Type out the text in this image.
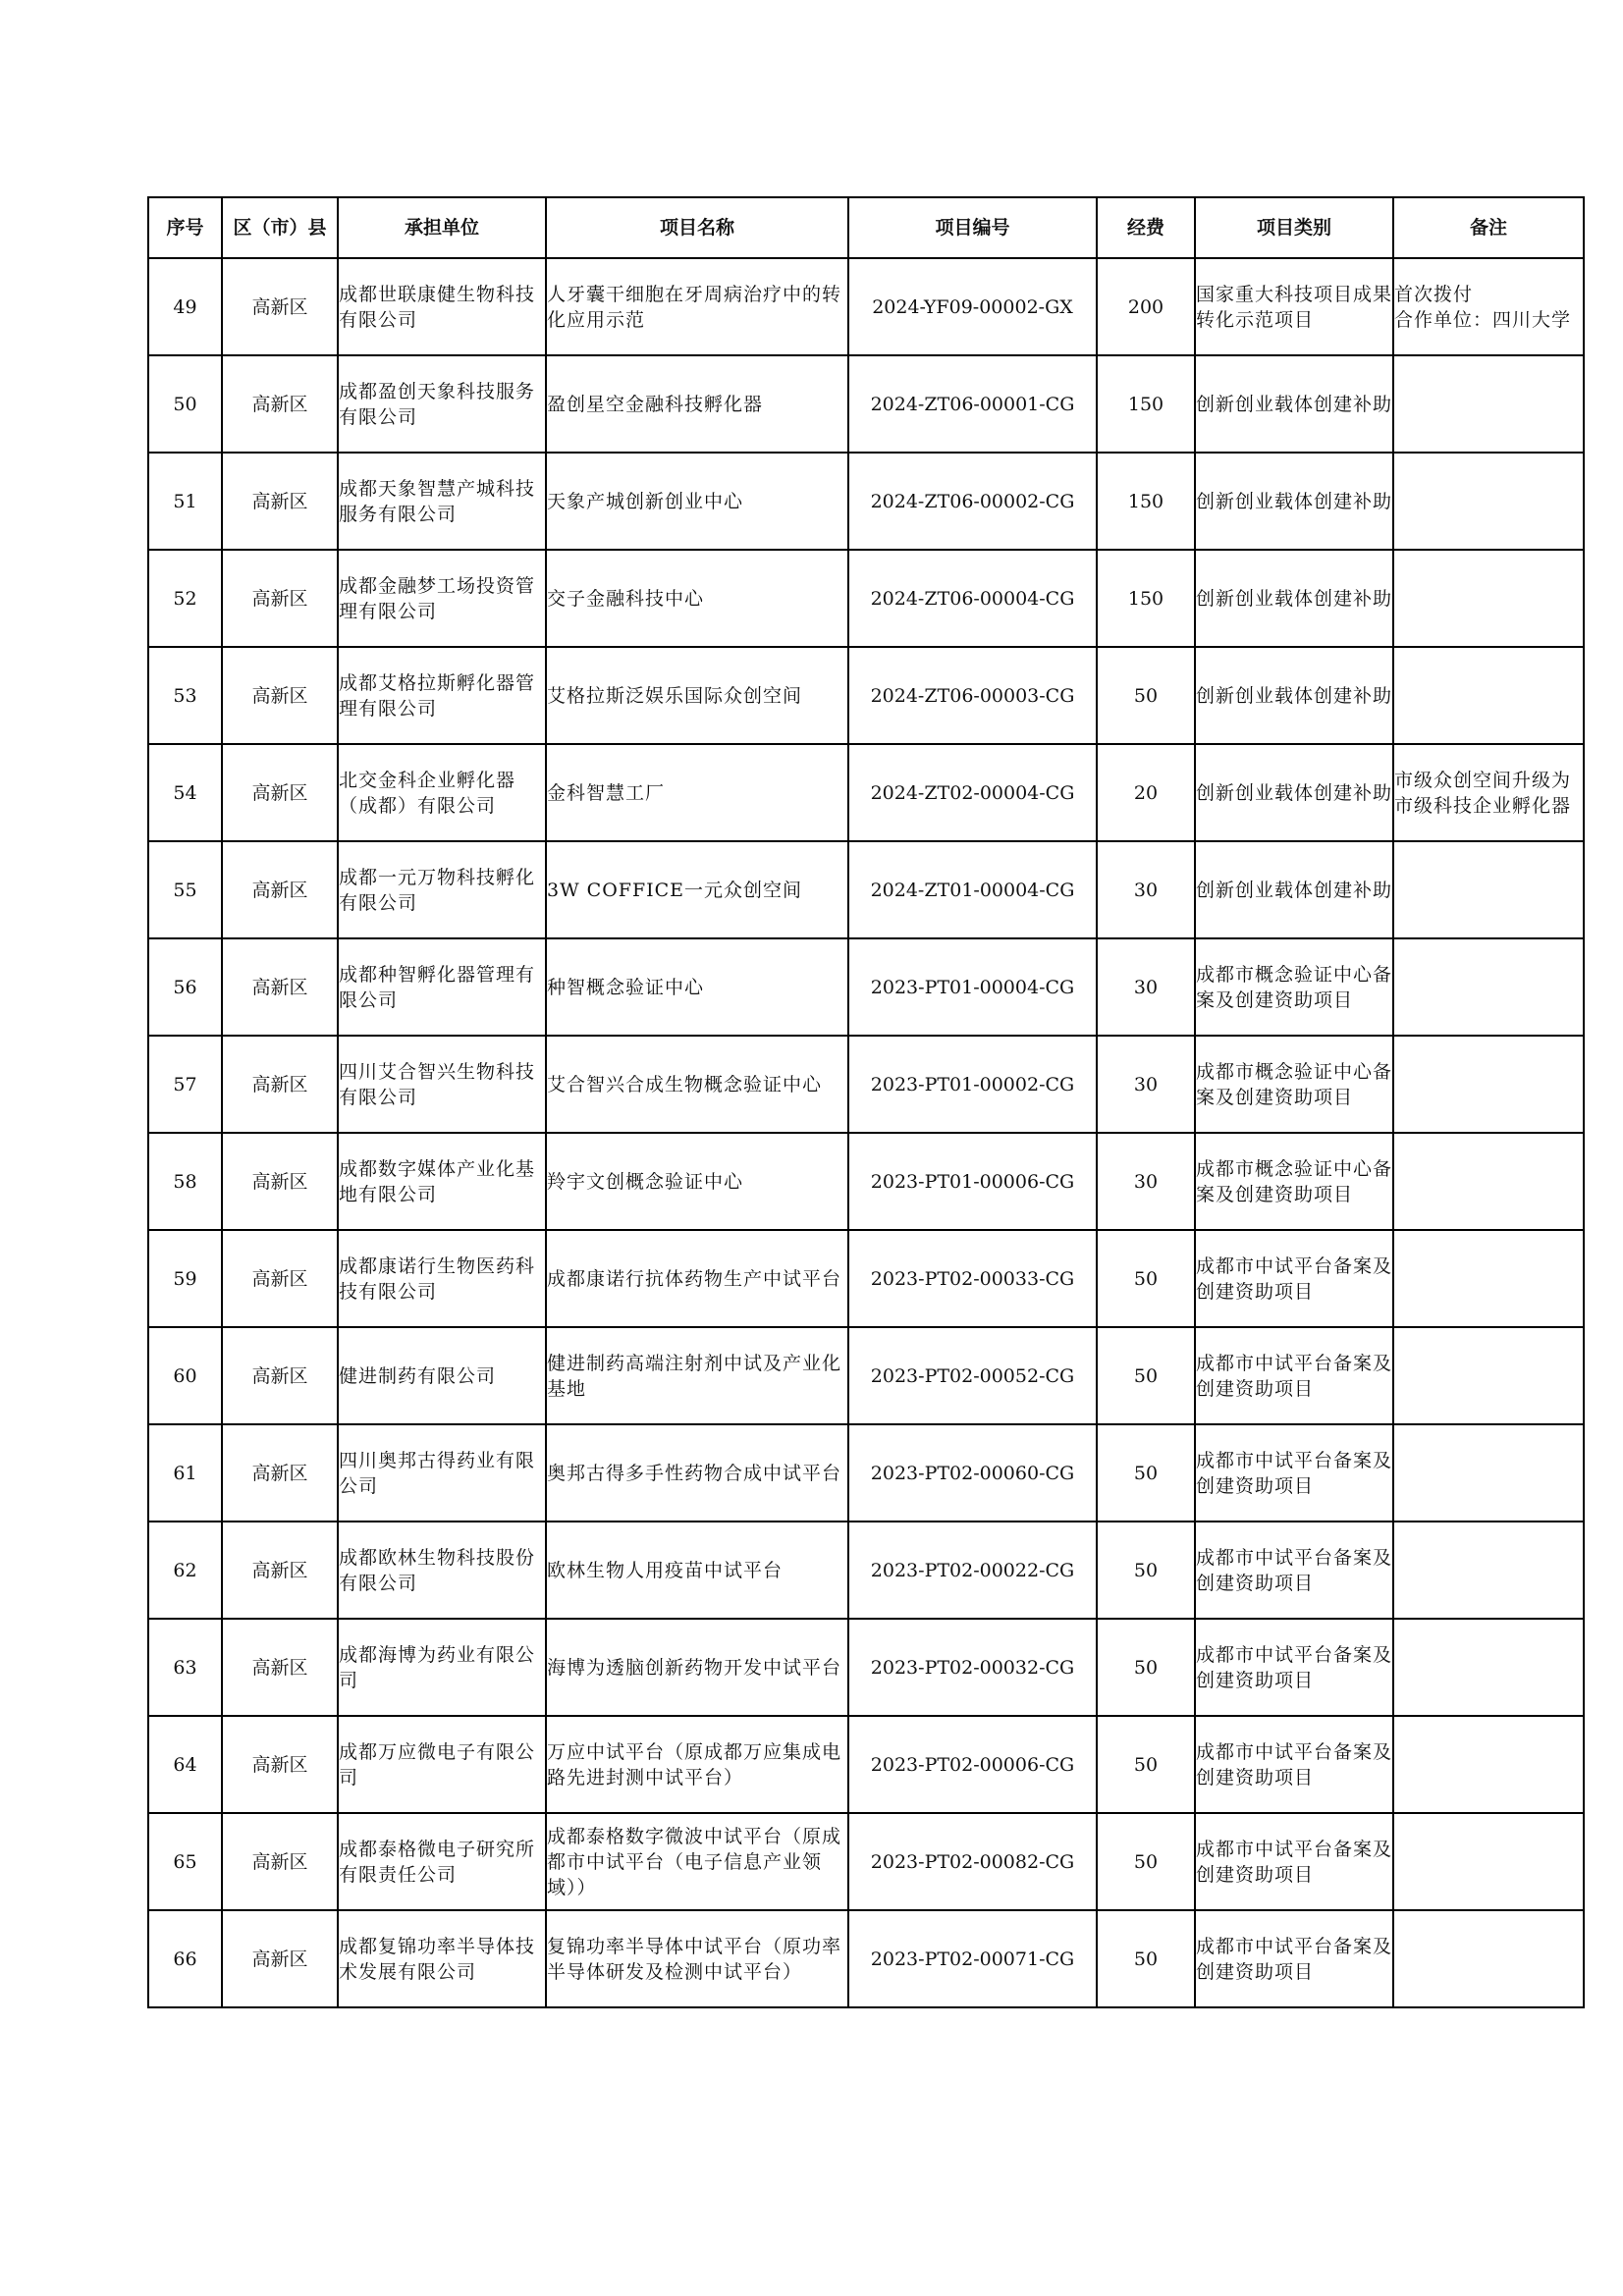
序号	区（市）县	承担单位	项目名称	项目编号	经费	项目类别	备注
49	高新区	成都世联康健生物科技有限公司	人牙囊干细胞在牙周病治疗中的转化应用示范	2024-YF09-00002-GX	200	国家重大科技项目成果转化示范项目	首次拨付
合作单位：四川大学
50	高新区	成都盈创天象科技服务有限公司	盈创星空金融科技孵化器	2024-ZT06-00001-CG	150	创新创业载体创建补助	
51	高新区	成都天象智慧产城科技服务有限公司	天象产城创新创业中心	2024-ZT06-00002-CG	150	创新创业载体创建补助	
52	高新区	成都金融梦工场投资管理有限公司	交子金融科技中心	2024-ZT06-00004-CG	150	创新创业载体创建补助	
53	高新区	成都艾格拉斯孵化器管理有限公司	艾格拉斯泛娱乐国际众创空间	2024-ZT06-00003-CG	50	创新创业载体创建补助	
54	高新区	北交金科企业孵化器（成都）有限公司	金科智慧工厂	2024-ZT02-00004-CG	20	创新创业载体创建补助	市级众创空间升级为市级科技企业孵化器
55	高新区	成都一元万物科技孵化有限公司	3W COFFICE一元众创空间	2024-ZT01-00004-CG	30	创新创业载体创建补助	
56	高新区	成都种智孵化器管理有限公司	种智概念验证中心	2023-PT01-00004-CG	30	成都市概念验证中心备案及创建资助项目	
57	高新区	四川艾合智兴生物科技有限公司	艾合智兴合成生物概念验证中心	2023-PT01-00002-CG	30	成都市概念验证中心备案及创建资助项目	
58	高新区	成都数字媒体产业化基地有限公司	羚宇文创概念验证中心	2023-PT01-00006-CG	30	成都市概念验证中心备案及创建资助项目	
59	高新区	成都康诺行生物医药科技有限公司	成都康诺行抗体药物生产中试平台	2023-PT02-00033-CG	50	成都市中试平台备案及创建资助项目	
60	高新区	健进制药有限公司	健进制药高端注射剂中试及产业化基地	2023-PT02-00052-CG	50	成都市中试平台备案及创建资助项目	
61	高新区	四川奥邦古得药业有限公司	奥邦古得多手性药物合成中试平台	2023-PT02-00060-CG	50	成都市中试平台备案及创建资助项目	
62	高新区	成都欧林生物科技股份有限公司	欧林生物人用疫苗中试平台	2023-PT02-00022-CG	50	成都市中试平台备案及创建资助项目	
63	高新区	成都海博为药业有限公司	海博为透脑创新药物开发中试平台	2023-PT02-00032-CG	50	成都市中试平台备案及创建资助项目	
64	高新区	成都万应微电子有限公司	万应中试平台（原成都万应集成电路先进封测中试平台）	2023-PT02-00006-CG	50	成都市中试平台备案及创建资助项目	
65	高新区	成都泰格微电子研究所有限责任公司	成都泰格数字微波中试平台（原成都市中试平台（电子信息产业领域））	2023-PT02-00082-CG	50	成都市中试平台备案及创建资助项目	
66	高新区	成都复锦功率半导体技术发展有限公司	复锦功率半导体中试平台（原功率半导体研发及检测中试平台）	2023-PT02-00071-CG	50	成都市中试平台备案及创建资助项目	
